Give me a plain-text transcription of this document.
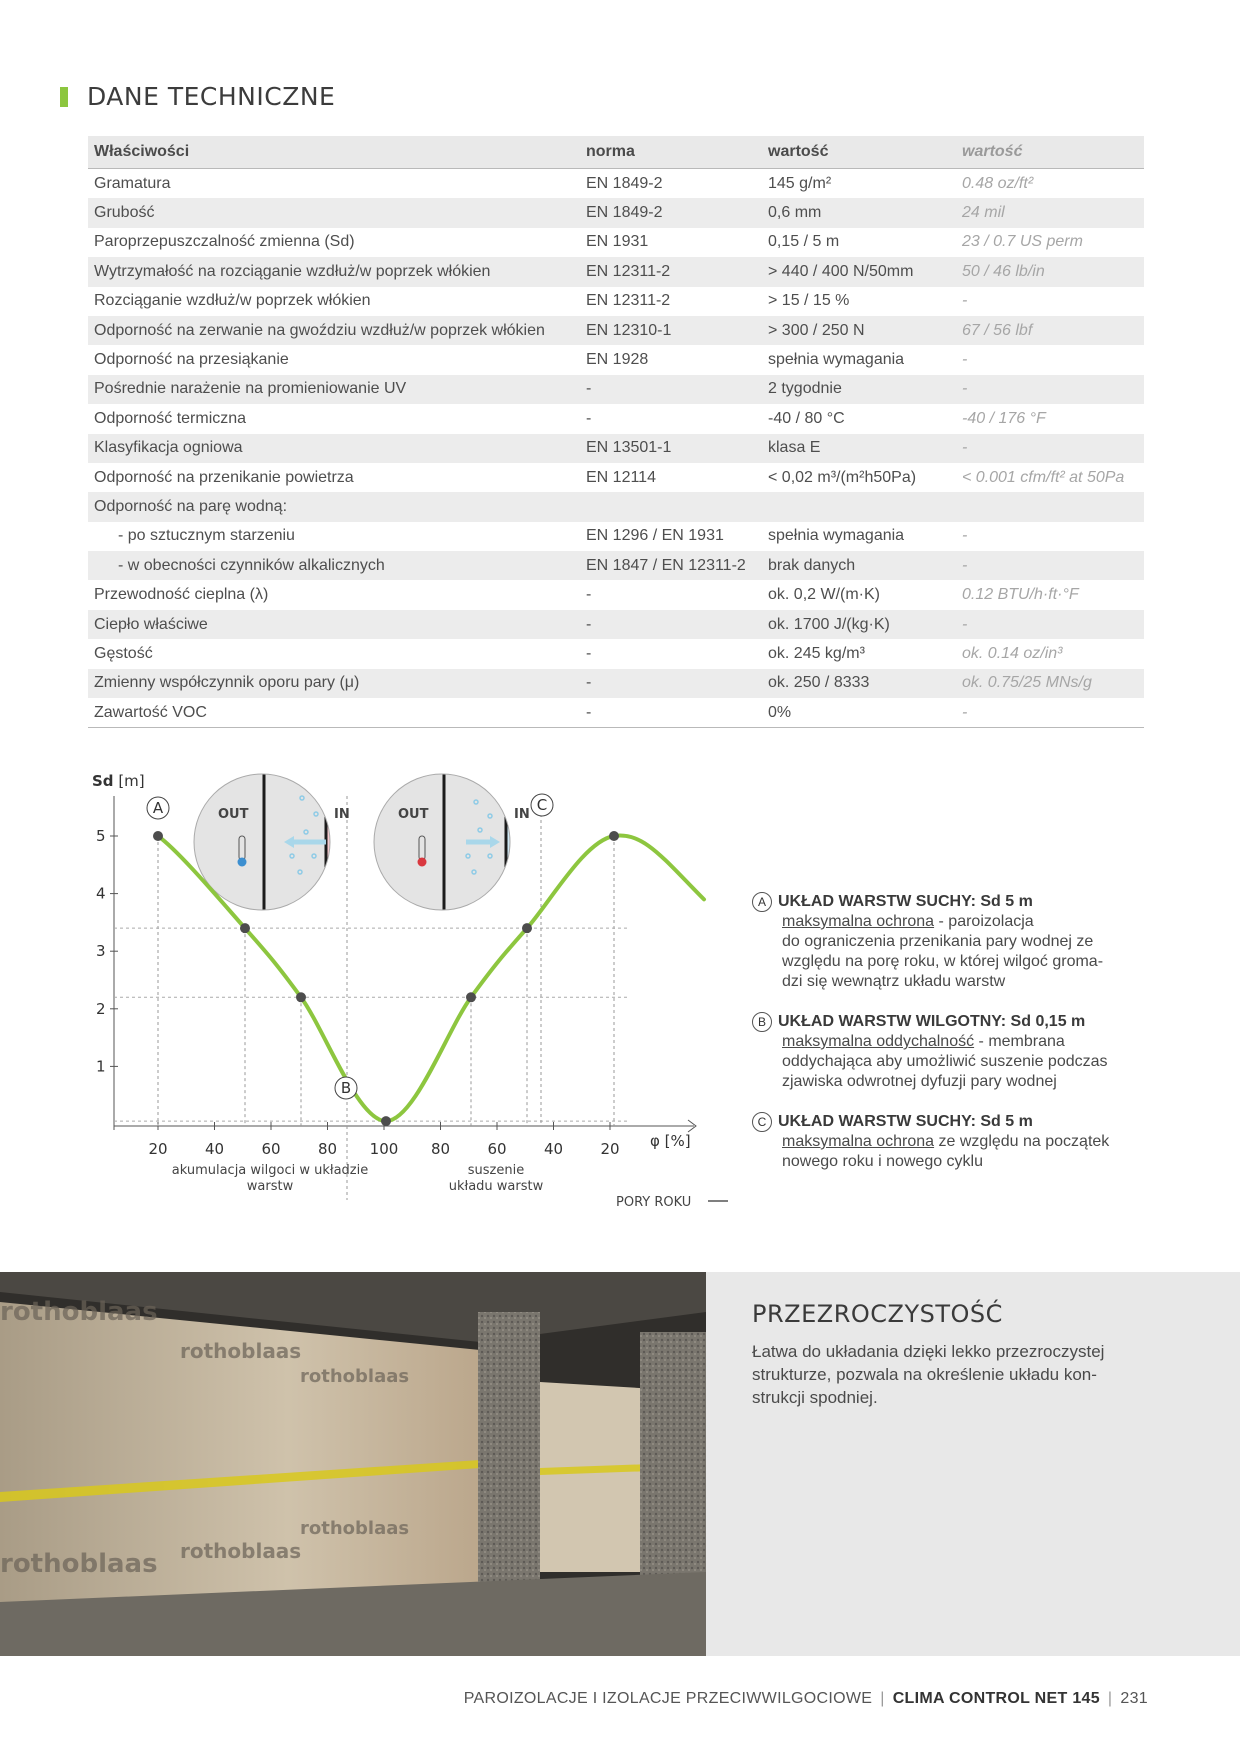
DANE TECHNICZNE
Właściwości	norma	wartość	wartość
Gramatura	EN 1849-2	145 g/m²	0.48 oz/ft²
Grubość	EN 1849-2	0,6 mm	24 mil
Paroprzepuszczalność zmienna (Sd)	EN 1931	0,15 / 5 m	23 / 0.7 US perm
Wytrzymałość na rozciąganie wzdłuż/w poprzek włókien	EN 12311-2	> 440 / 400 N/50mm	50 / 46 lb/in
Rozciąganie wzdłuż/w poprzek włókien	EN 12311-2	> 15 / 15 %	-
Odporność na zerwanie na gwoździu wzdłuż/w poprzek włókien	EN 12310-1	> 300 / 250 N	67 / 56 lbf
Odporność na przesiąkanie	EN 1928	spełnia wymagania	-
Pośrednie narażenie na promieniowanie UV	-	2 tygodnie	-
Odporność termiczna	-	-40 / 80 °C	-40 / 176 °F
Klasyfikacja ogniowa	EN 13501-1	klasa E	-
Odporność na przenikanie powietrza	EN 12114	< 0,02 m³/(m²h50Pa)	< 0.001 cfm/ft² at 50Pa
Odporność na parę wodną:			
- po sztucznym starzeniu	EN 1296 / EN 1931	spełnia wymagania	-
- w obecności czynników alkalicznych	EN 1847 / EN 12311-2	brak danych	-
Przewodność cieplna (λ)	-	ok. 0,2 W/(m·K)	0.12 BTU/h·ft·°F
Ciepło właściwe	-	ok. 1700 J/(kg·K)	-
Gęstość	-	ok. 245 kg/m³	ok. 0.14 oz/in³
Zmienny współczynnik oporu pary (μ)	-	ok. 250 / 8333	ok. 0.75/25 MNs/g
Zawartość VOC	-	0%	-
Sd [m]
1
2
3
4
5
20 40 60 80 100 80 60 40 20 φ [%]
OUT	IN	OUT	IN
A
B
C
akumulacja wilgoci w układzie
warstw
suszenie
układu warstw
PORY ROKU
A UKŁAD WARSTW SUCHY: Sd 5 m
maksymalna ochrona - paroizolacja
do ograniczenia przenikania pary wodnej ze
względu na porę roku, w której wilgoć groma-
dzi się wewnątrz układu warstw
B UKŁAD WARSTW WILGOTNY: Sd 0,15 m
maksymalna oddychalność - membrana
oddychająca aby umożliwić suszenie podczas
zjawiska odwrotnej dyfuzji pary wodnej
C UKŁAD WARSTW SUCHY: Sd 5 m
maksymalna ochrona ze względu na początek
nowego roku i nowego cyklu
rothoblaas
rothoblaas
rothoblaas
rothoblaas rothoblaas
rothoblaas
PRZEZROCZYSTOŚĆ
Łatwa do układania dzięki lekko przezroczystej
strukturze, pozwala na określenie układu kon-
strukcji spodniej.
PAROIZOLACJE I IZOLACJE PRZECIWWILGOCIOWE | CLIMA CONTROL NET 145 | 231
